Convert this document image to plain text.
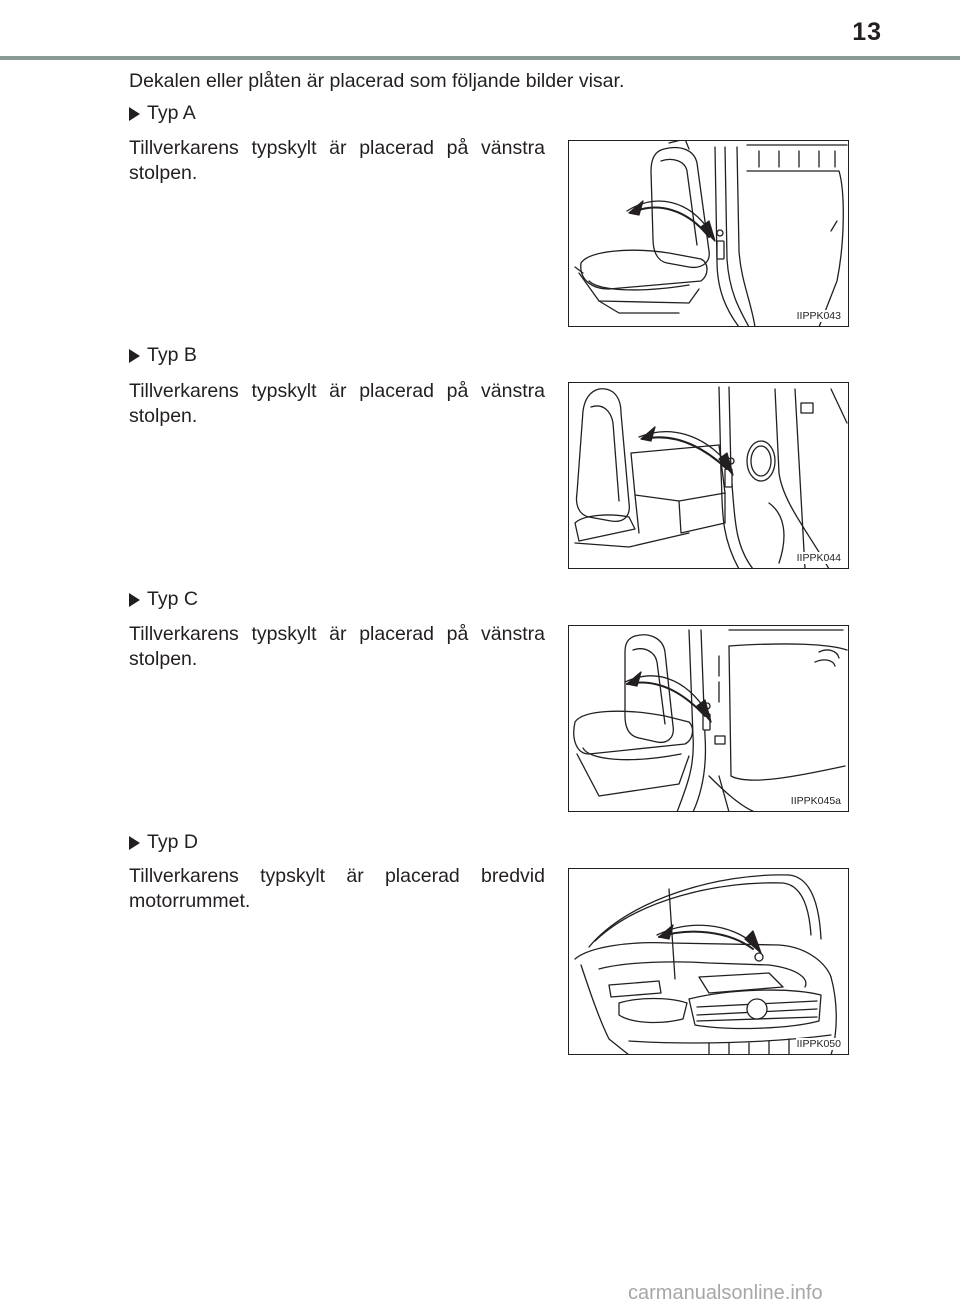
13
Dekalen eller plåten är placerad som följande bilder visar.
Typ A
Tillverkarens typskylt är placerad på vänstra stolpen.
IIPPK043
Typ B
Tillverkarens typskylt är placerad på vänstra stolpen.
IIPPK044
Typ C
Tillverkarens typskylt är placerad på vänstra stolpen.
IIPPK045a
Typ D
Tillverkarens typskylt är placerad bredvid motorrummet.
IIPPK050
carmanualsonline.info
